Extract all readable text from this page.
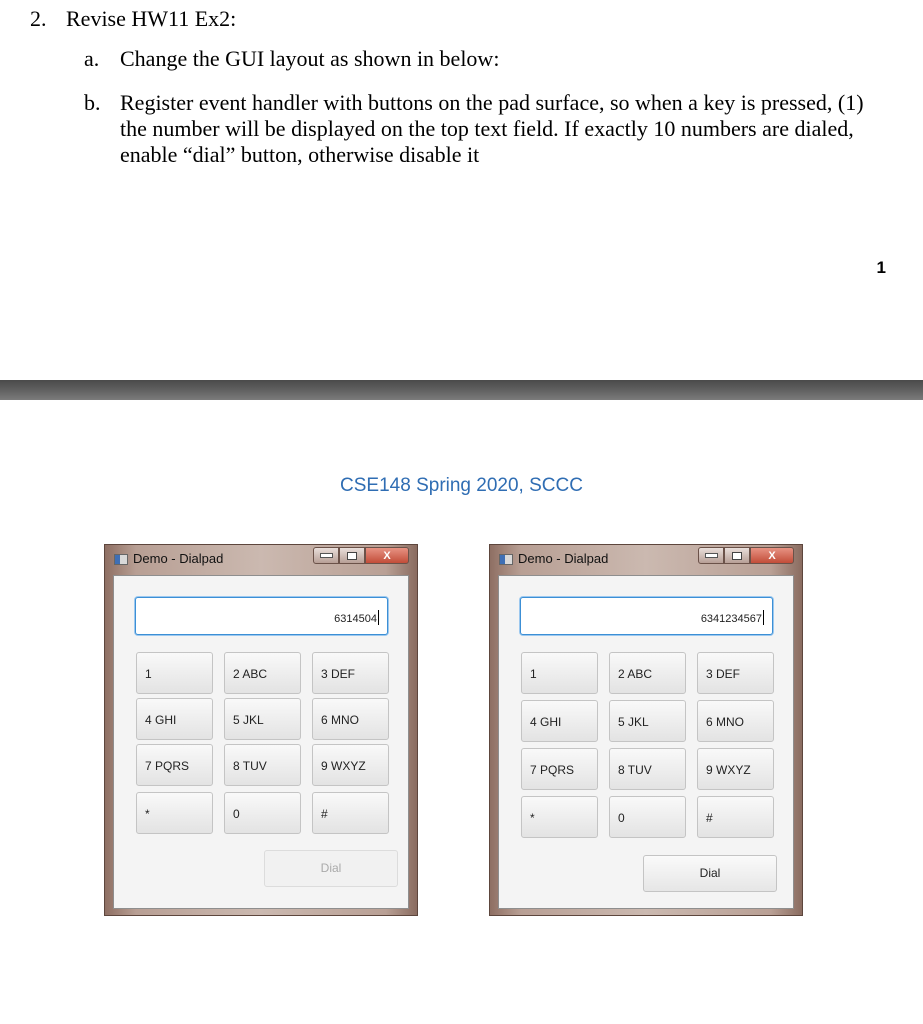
2. Revise HW11 Ex2:
a. Change the GUI layout as shown in below:
b. Register event handler with buttons on the pad surface, so when a key is pressed, (1) the number will be displayed on the top text field. If exactly 10 numbers are dialed, enable “dial” button, otherwise disable it
1
CSE148 Spring 2020, SCCC
Demo - Dialpad	X
6314504
1	2 ABC	3 DEF
4 GHI	5 JKL	6 MNO
7 PQRS	8 TUV	9 WXYZ
*	0	#
Dial
Demo - Dialpad	X
6341234567
1	2 ABC	3 DEF
4 GHI	5 JKL	6 MNO
7 PQRS	8 TUV	9 WXYZ
*	0	#
Dial
